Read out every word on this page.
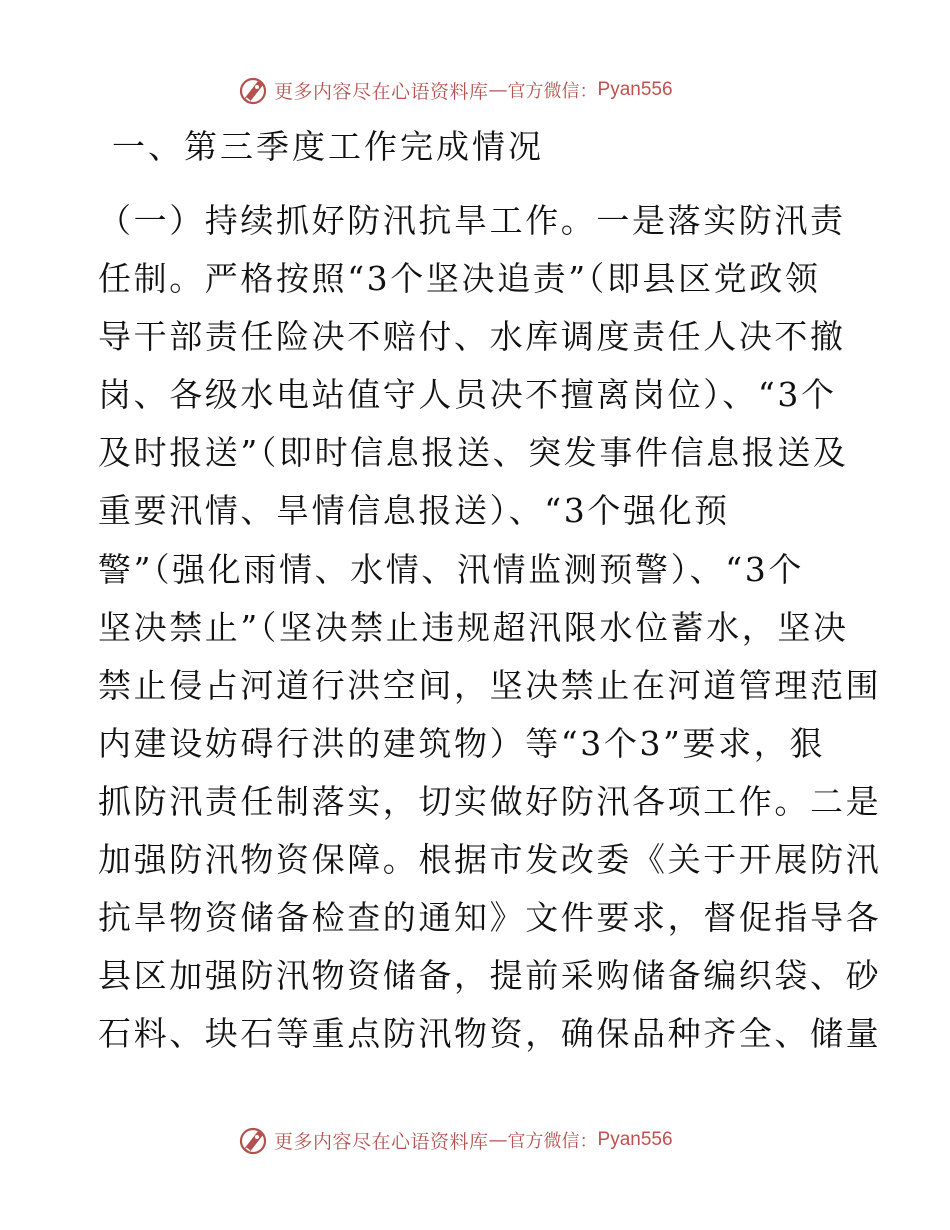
更多内容尽在心语资料库 — 官方微信： Pyan556
一、第三季度工作完成情况
（一）持续抓好防汛抗旱工作。一是落实防汛责
任制。严格按照“3个坚决追责”（即县区党政领
导干部责任险决不赔付、水库调度责任人决不撤
岗、各级水电站值守人员决不擅离岗位）、“3个
及时报送”（即时信息报送、突发事件信息报送及
重要汛情、旱情信息报送）、“3个强化预
警”（强化雨情、水情、汛情监测预警）、“3个
坚决禁止”（坚决禁止违规超汛限水位蓄水，坚决
禁止侵占河道行洪空间，坚决禁止在河道管理范围
内建设妨碍行洪的建筑物）等“3个3”要求，狠
抓防汛责任制落实，切实做好防汛各项工作。二是
加强防汛物资保障。根据市发改委《关于开展防汛
抗旱物资储备检查的通知》文件要求，督促指导各
县区加强防汛物资储备，提前采购储备编织袋、砂
石料、块石等重点防汛物资，确保品种齐全、储量
更多内容尽在心语资料库 — 官方微信： Pyan556
